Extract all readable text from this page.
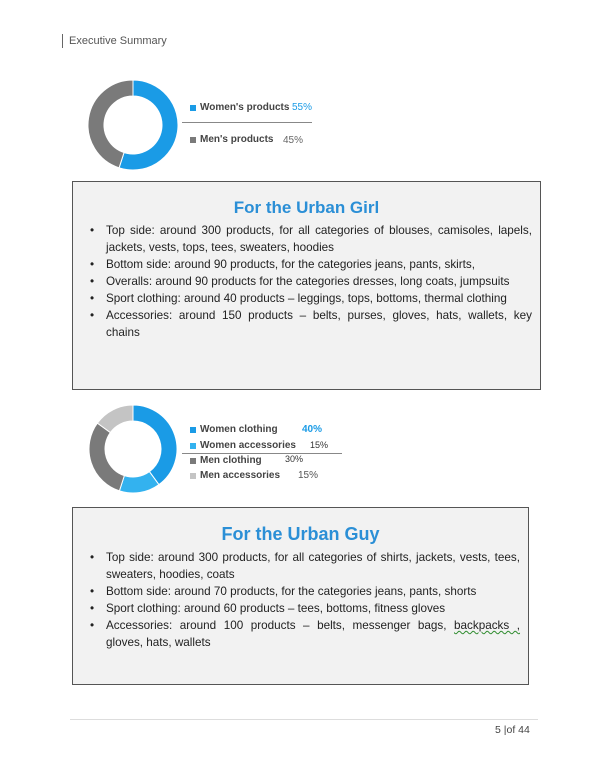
Executive Summary
Women's products 55%
Men's products 45%
For the Urban Girl
• Top side: around 300 products, for all categories of blouses, camisoles, lapels, jackets, vests, tops, tees, sweaters, hoodies
• Bottom side: around 90 products, for the categories jeans, pants, skirts,
• Overalls: around 90 products for the categories dresses, long coats, jumpsuits
• Sport clothing: around 40 products – leggings, tops, bottoms, thermal clothing
• Accessories: around 150 products – belts, purses, gloves, hats, wallets, key chains
Women clothing 40%
Women accessories 15%
Men clothing	30%
Men accessories 15%
For the Urban Guy
• Top side: around 300 products, for all categories of shirts, jackets, vests, tees, sweaters, hoodies, coats
• Bottom side: around 70 products, for the categories jeans, pants, shorts
• Sport clothing: around 60 products – tees, bottoms, fitness gloves
• Accessories: around 100 products – belts, messenger bags, backpacks , gloves, hats, wallets
5 |of 44
